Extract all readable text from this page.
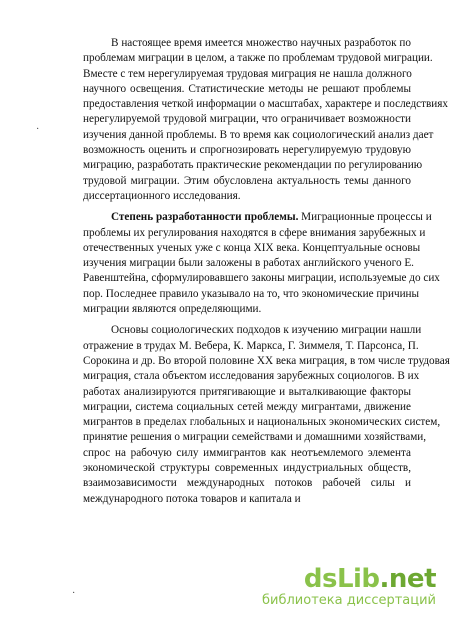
В настоящее время имеется множество научных разработок по
проблемам миграции в целом, а также по проблемам трудовой миграции.
Вместе с тем нерегулируемая трудовая миграция не нашла должного
научного освещения. Статистические методы не решают проблемы
предоставления четкой информации о масштабах, характере и последствиях
нерегулируемой трудовой миграции, что ограничивает возможности
изучения данной проблемы. В то время как социологический анализ дает
возможность оценить и спрогнозировать нерегулируемую трудовую
миграцию, разработать практические рекомендации по регулированию
трудовой миграции. Этим обусловлена актуальность темы данного
диссертационного исследования.
Степень разработанности проблемы. Миграционные процессы и
проблемы их регулирования находятся в сфере внимания зарубежных и
отечественных ученых уже с конца XIX века. Концептуальные основы
изучения миграции были заложены в работах английского ученого Е.
Равенштейна, сформулировавшего законы миграции, используемые до сих
пор. Последнее правило указывало на то, что экономические причины
миграции являются определяющими.
Основы социологических подходов к изучению миграции нашли
отражение в трудах М. Вебера, К. Маркса, Г. Зиммеля, Т. Парсонса, П.
Сорокина и др. Во второй половине XX века миграция, в том числе трудовая
миграция, стала объектом исследования зарубежных социологов. В их
работах анализируются притягивающие и выталкивающие факторы
миграции, система социальных сетей между мигрантами, движение
мигрантов в пределах глобальных и национальных экономических систем,
принятие решения о миграции семействами и домашними хозяйствами,
спрос на рабочую силу иммигрантов как неотъемлемого элемента
экономической структуры современных индустриальных обществ,
взаимозависимости международных потоков рабочей силы и
международного потока товаров и капитала и
·
·	dsLib.net
библиотека диссертаций
